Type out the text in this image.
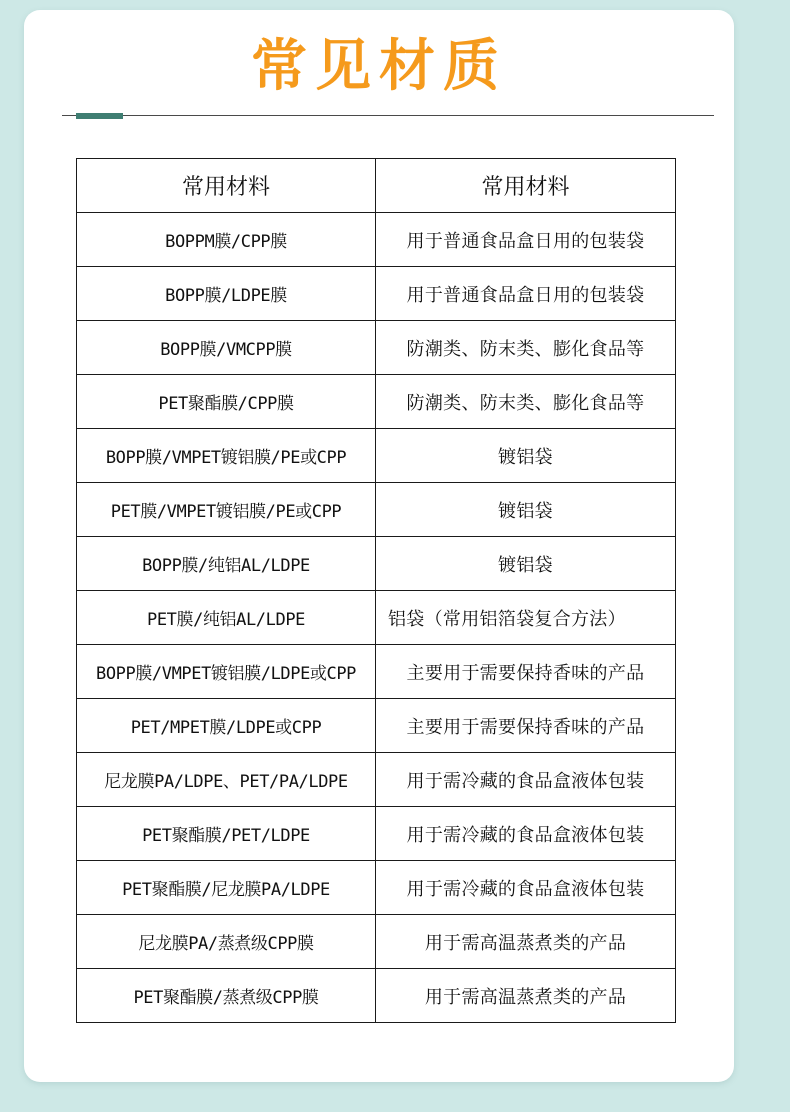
常见材质
常用材料	常用材料
BOPPM膜/CPP膜	用于普通食品盒日用的包装袋
BOPP膜/LDPE膜	用于普通食品盒日用的包装袋
BOPP膜/VMCPP膜	防潮类、防末类、膨化食品等
PET聚酯膜/CPP膜	防潮类、防末类、膨化食品等
BOPP膜/VMPET镀铝膜/PE或CPP	镀铝袋
PET膜/VMPET镀铝膜/PE或CPP	镀铝袋
BOPP膜/纯铝AL/LDPE	镀铝袋
PET膜/纯铝AL/LDPE	铝袋（常用铝箔袋复合方法）
BOPP膜/VMPET镀铝膜/LDPE或CPP	主要用于需要保持香味的产品
PET/MPET膜/LDPE或CPP	主要用于需要保持香味的产品
尼龙膜PA/LDPE、PET/PA/LDPE	用于需冷藏的食品盒液体包装
PET聚酯膜/PET/LDPE	用于需冷藏的食品盒液体包装
PET聚酯膜/尼龙膜PA/LDPE	用于需冷藏的食品盒液体包装
尼龙膜PA/蒸煮级CPP膜	用于需高温蒸煮类的产品
PET聚酯膜/蒸煮级CPP膜	用于需高温蒸煮类的产品
